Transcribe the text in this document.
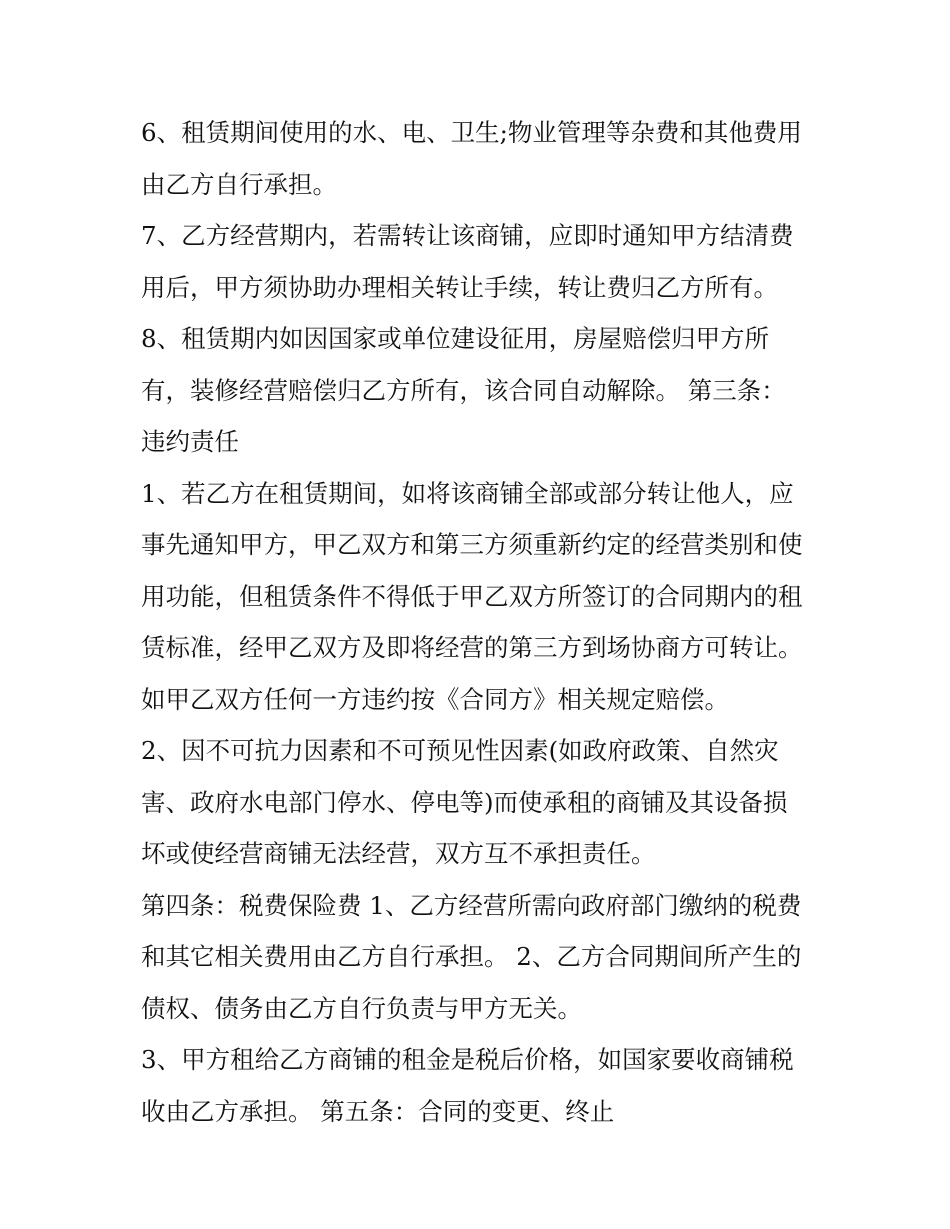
6、租赁期间使用的水、电、卫生;物业管理等杂费和其他费用
由乙方自行承担。
7、乙方经营期内，若需转让该商铺，应即时通知甲方结清费
用后，甲方须协助办理相关转让手续，转让费归乙方所有。
8、租赁期内如因国家或单位建设征用，房屋赔偿归甲方所
有，装修经营赔偿归乙方所有，该合同自动解除。 第三条：
违约责任
1、若乙方在租赁期间，如将该商铺全部或部分转让他人，应
事先通知甲方，甲乙双方和第三方须重新约定的经营类别和使
用功能，但租赁条件不得低于甲乙双方所签订的合同期内的租
赁标准，经甲乙双方及即将经营的第三方到场协商方可转让。
如甲乙双方任何一方违约按《合同方》相关规定赔偿。
2、因不可抗力因素和不可预见性因素(如政府政策、自然灾
害、政府水电部门停水、停电等)而使承租的商铺及其设备损
坏或使经营商铺无法经营，双方互不承担责任。
第四条：税费保险费 1、乙方经营所需向政府部门缴纳的税费
和其它相关费用由乙方自行承担。 2、乙方合同期间所产生的
债权、债务由乙方自行负责与甲方无关。
3、甲方租给乙方商铺的租金是税后价格，如国家要收商铺税
收由乙方承担。 第五条：合同的变更、终止
